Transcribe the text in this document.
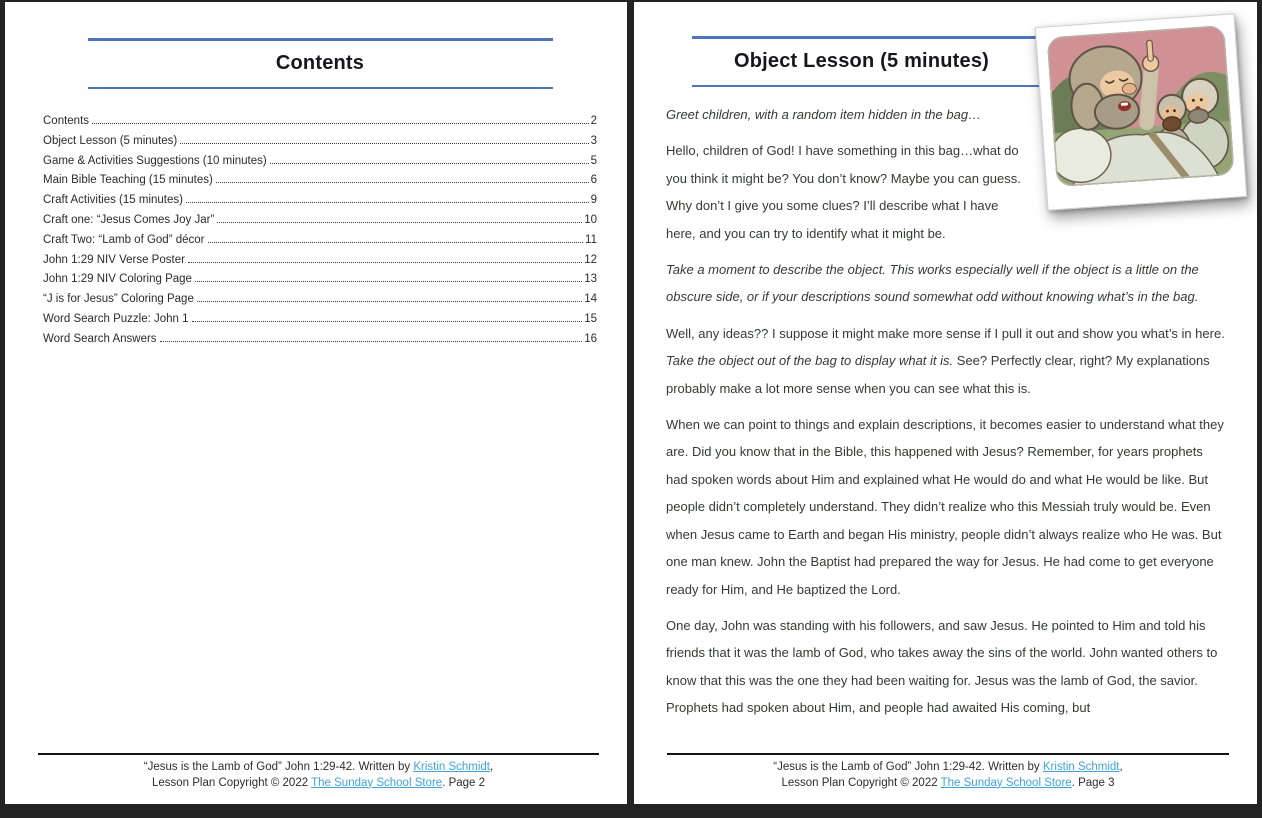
Contents
Contents	2
Object Lesson (5 minutes)	3
Game & Activities Suggestions (10 minutes)	5
Main Bible Teaching (15 minutes)	6
Craft Activities (15 minutes)	9
Craft one: “Jesus Comes Joy Jar”	10
Craft Two: “Lamb of God” décor	11
John 1:29 NIV Verse Poster	12
John 1:29 NIV Coloring Page	13
“J is for Jesus” Coloring Page	14
Word Search Puzzle: John 1	15
Word Search Answers	16
“Jesus is the Lamb of God” John 1:29-42. Written by Kristin Schmidt,
Lesson Plan Copyright © 2022 The Sunday School Store. Page 2
Object Lesson (5 minutes)

Greet children, with a random item hidden in the bag…

Hello, children of God! I have something in this bag…what do you think it might be? You don’t know? Maybe you can guess. Why don’t I give you some clues? I’ll describe what I have here, and you can try to identify what it might be.

Take a moment to describe the object. This works especially well if the object is a little on the obscure side, or if your descriptions sound somewhat odd without knowing what’s in the bag.

Well, any ideas?? I suppose it might make more sense if I pull it out and show you what’s in here. Take the object out of the bag to display what it is. See? Perfectly clear, right? My explanations probably make a lot more sense when you can see what this is.

When we can point to things and explain descriptions, it becomes easier to understand what they are. Did you know that in the Bible, this happened with Jesus? Remember, for years prophets had spoken words about Him and explained what He would do and what He would be like. But people didn’t completely understand. They didn’t realize who this Messiah truly would be. Even when Jesus came to Earth and began His ministry, people didn’t always realize who He was. But one man knew. John the Baptist had prepared the way for Jesus. He had come to get everyone ready for Him, and He baptized the Lord.

One day, John was standing with his followers, and saw Jesus. He pointed to Him and told his friends that it was the lamb of God, who takes away the sins of the world. John wanted others to know that this was the one they had been waiting for. Jesus was the lamb of God, the savior. Prophets had spoken about Him, and people had awaited His coming, but

“Jesus is the Lamb of God” John 1:29-42. Written by Kristin Schmidt,
Lesson Plan Copyright © 2022 The Sunday School Store. Page 3
